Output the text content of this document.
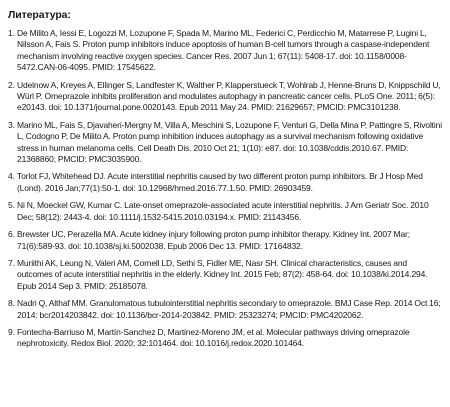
Литература:
1. De Milito A, Iessi E, Logozzi M, Lozupone F, Spada M, Marino ML, Federici C, Perdicchio M, Matarrese P, Lugini L, Nilsson A, Fais S. Proton pump inhibitors induce apoptosis of human B-cell tumors through a caspase-independent mechanism involving reactive oxygen species. Cancer Res. 2007 Jun 1; 67(11): 5408-17. doi: 10.1158/0008-5472.CAN-06-4095. PMID: 17545622.
2. Udelnow A, Kreyes A, Ellinger S, Landfester K, Walther P, Klapperstueck T, Wohlrab J, Henne-Bruns D, Knippschild U, Würl P. Omeprazole inhibits proliferation and modulates autophagy in pancreatic cancer cells. PLoS One. 2011; 6(5): e20143. doi: 10.1371/journal.pone.0020143. Epub 2011 May 24. PMID: 21629657; PMCID: PMC3101238.
3. Marino ML, Fais S, Djavaheri-Mergny M, Villa A, Meschini S, Lozupone F, Venturi G, Della Mina P, Pattingre S, Rivoltini L, Codogno P, De Milito A. Proton pump inhibition induces autophagy as a survival mechanism following oxidative stress in human melanoma cells. Cell Death Dis. 2010 Oct 21; 1(10): e87. doi: 10.1038/cddis.2010.67. PMID: 21368860; PMCID: PMC3035900.
4. Torlot FJ, Whitehead DJ. Acute interstitial nephritis caused by two different proton pump inhibitors. Br J Hosp Med (Lond). 2016 Jan;77(1):50-1. doi: 10.12968/hmed.2016.77.1.50. PMID: 26903459.
5. Ni N, Moeckel GW, Kumar C. Late-onset omeprazole-associated acute interstitial nephritis. J Am Geriatr Soc. 2010 Dec; 58(12): 2443-4. doi: 10.1111/j.1532-5415.2010.03194.x. PMID: 21143456.
6. Brewster UC, Perazella MA. Acute kidney injury following proton pump inhibitor therapy. Kidney Int. 2007 Mar; 71(6):589-93. doi: 10.1038/sj.ki.5002038. Epub 2006 Dec 13. PMID: 17164832.
7. Muriithi AK, Leung N, Valeri AM, Cornell LD, Sethi S, Fidler ME, Nasr SH. Clinical characteristics, causes and outcomes of acute interstitial nephritis in the elderly. Kidney Int. 2015 Feb; 87(2): 458-64. doi: 10.1038/ki.2014.294. Epub 2014 Sep 3. PMID: 25185078.
8. Nadri Q, Althaf MM. Granulomatous tubulointerstitial nephritis secondary to omeprazole. BMJ Case Rep. 2014 Oct 16; 2014: bcr2014203842. doi: 10.1136/bcr-2014-203842. PMID: 25323274; PMCID: PMC4202062.
9. Fontecha-Barriuso M, Martín-Sanchez D, Martinez-Moreno JM, et al. Molecular pathways driving omeprazole nephrotoxicity. Redox Biol. 2020; 32:101464. doi: 10.1016/j.redox.2020.101464.
